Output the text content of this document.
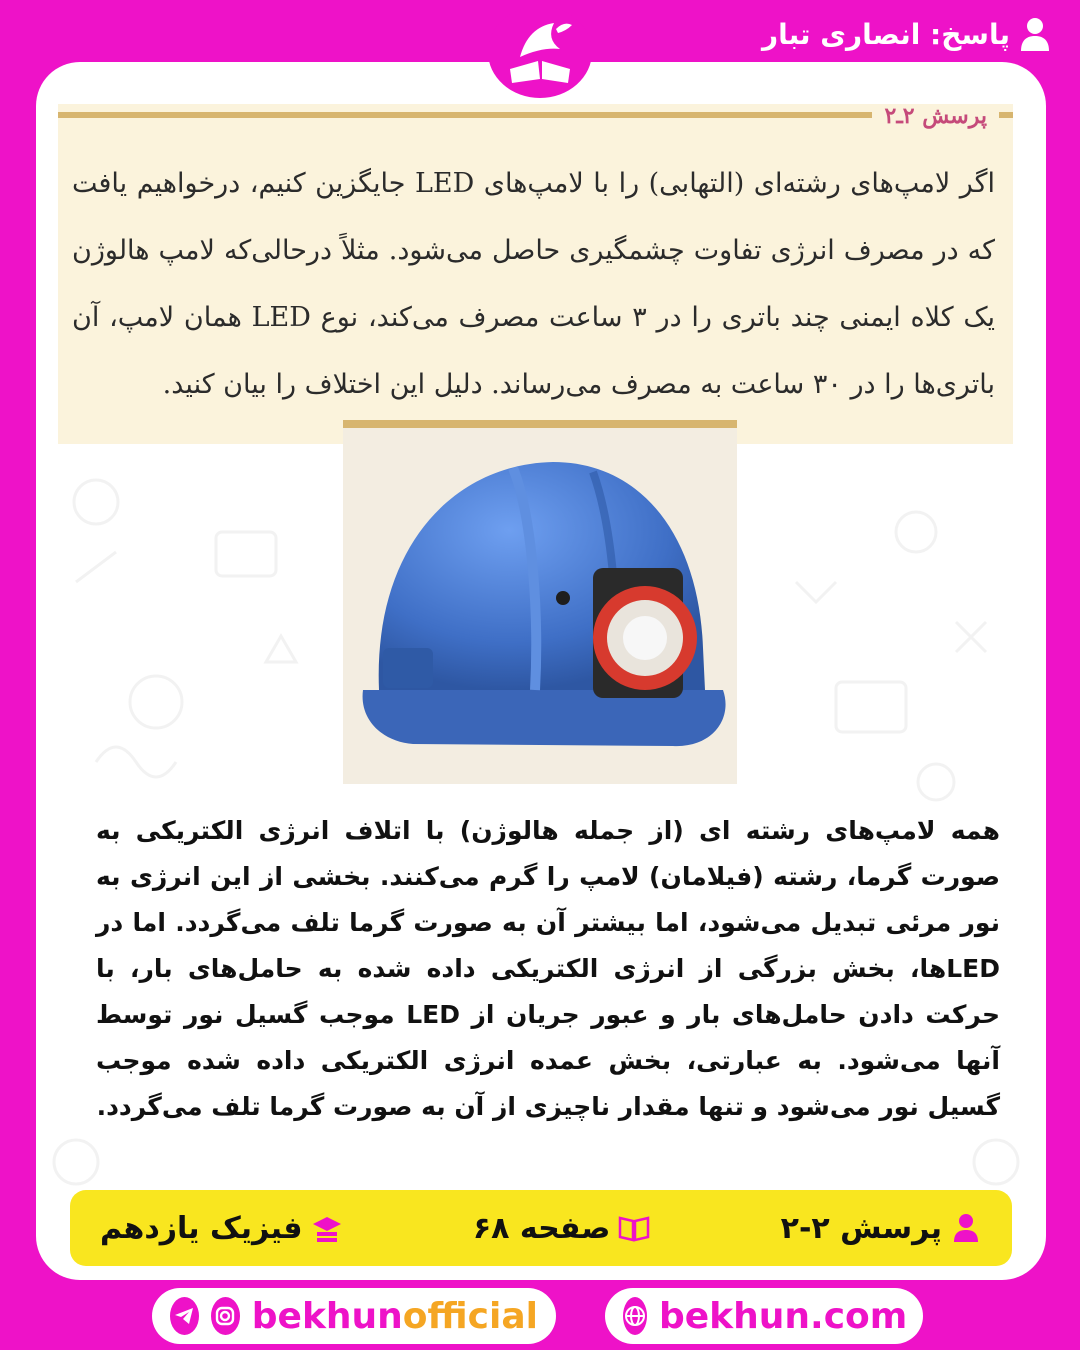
پاسخ: انصاری تبار
پرسش ۲ـ۲

اگر لامپ‌های رشته‌ای (التهابی) را با لامپ‌های LED جایگزین کنیم، درخواهیم یافت که در مصرف انرژی تفاوت چشمگیری حاصل می‌شود. مثلاً درحالی‌که لامپ هالوژن یک کلاه ایمنی چند باتری را در ۳ ساعت مصرف می‌کند، نوع LED همان لامپ، آن باتری‌ها را در ۳۰ ساعت به مصرف می‌رساند. دلیل این اختلاف را بیان کنید.

همه لامپ‌های رشته ای (از جمله هالوژن) با اتلاف انرژی الکتریکی به صورت گرما، رشته (فیلامان) لامپ را گرم می‌کنند. بخشی از این انرژی به نور مرئی تبدیل می‌شود، اما بیشتر آن به صورت گرما تلف می‌گردد. اما در LEDها، بخش بزرگی از انرژی الکتریکی داده شده به حامل‌های بار، با حرکت دادن حامل‌های بار و عبور جریان از LED موجب گسیل نور توسط آنها می‌شود. به عبارتی، بخش عمده انرژی الکتریکی داده شده موجب گسیل نور می‌شود و تنها مقدار ناچیزی از آن به صورت گرما تلف می‌گردد.

پرسش ۲-۲
صفحه ۶۸
فیزیک یازدهم
bekhunofficial	bekhun.com
